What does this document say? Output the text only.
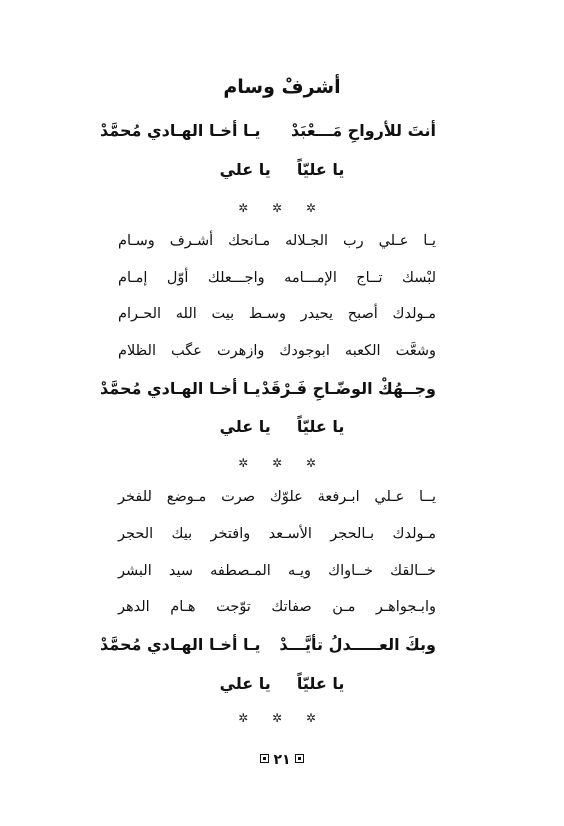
أشرفْ وسام
أنتَ للأرواحِ مَـــعْبَدْ
يـا أخـا الهـادي مُحمَّدْ
يا عليّاًيا علي
✲ ✲ ✲
يـا عـلي رب الجـلاله مـانحك أشـرف وسـام
لبْسك تــاج الإمـــامه واجـــعلك أوّل إمـام
مـولدك أصبح يحيدر وسـط بيت الله الحـرام
وشعَّت الكعبه ابوجودك وازهرت عگب الظلام
وجــهُكْ الوضّـاحِ فَـرْقَدْ
يـا أخـا الهـادي مُحمَّدْ
يا عليّاًيا علي
✲ ✲ ✲
يــا عـلي ابـرفعة علوّك صرت مـوضع للفخر
مـولدك بـالحجر الأسـعد وافتخر بيك الحجر
خــالقك خــاواك ويـه المـصطفه سيد البشر
وابـجواهـر مـن صفاتك توّجت هـام الدهر
وبكَ العـــــدلُ تأيَّـــدْ
يـا أخـا الهـادي مُحمَّدْ
يا عليّاًيا علي
✲ ✲ ✲
٢١
